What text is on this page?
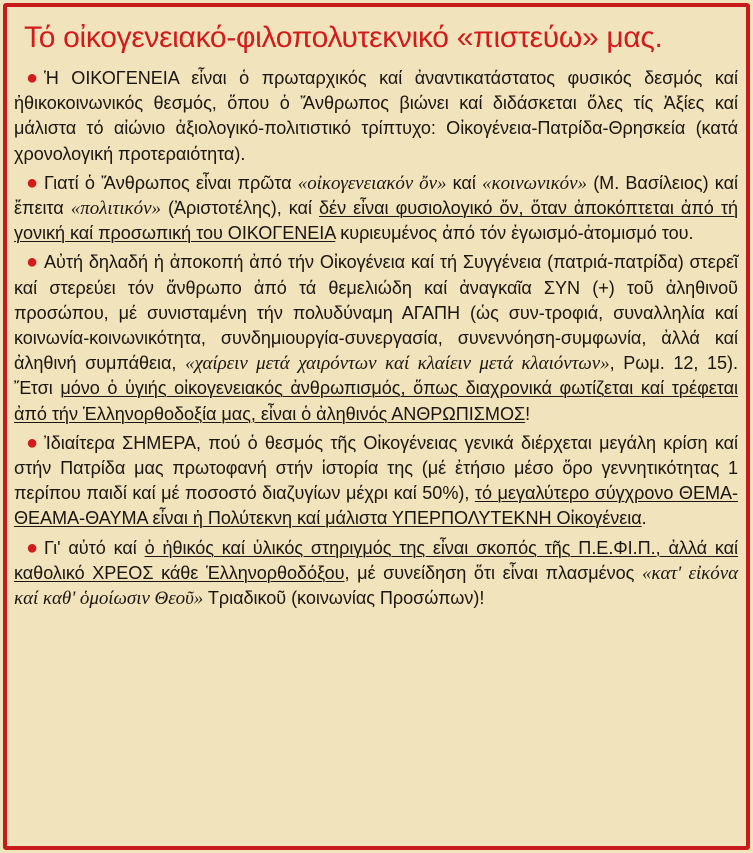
Τό οἰκογενειακό-φιλοπολυτεκνικό «πιστεύω» μας.
● Ἡ ΟΙΚΟΓΕΝΕΙΑ εἶναι ὁ πρωταρχικός καί ἀναντικατάστατος φυσικός δεσμός καί ἠθικοκοινωνικός θεσμός, ὅπου ὁ Ἄνθρωπος βιώνει καί διδάσκεται ὅλες τίς Ἀξίες καί μάλιστα τό αἰώνιο ἀξιολογικό-πολιτιστικό τρίπτυχο: Οἰκογένεια-Πατρίδα-Θρησκεία (κατά χρονολογική προτεραιότητα).
● Γιατί ὁ Ἄνθρωπος εἶναι πρῶτα «οἰκογενειακόν ὄν» καί «κοινωνικόν» (Μ. Βασίλειος) καί ἔπειτα «πολιτικόν» (Ἀριστοτέλης), καί δέν εἶναι φυσιολογικό ὄν, ὅταν ἀποκόπτεται ἀπό τή γονική καί προσωπική του ΟΙΚΟΓΕΝΕΙΑ κυριευμένος ἀπό τόν ἐγωισμό-ἀτομισμό του.
● Αὐτή δηλαδή ἡ ἀποκοπή ἀπό τήν Οἰκογένεια καί τή Συγγένεια (πατριά-πατρίδα) στερεῖ καί στερεύει τόν ἄνθρωπο ἀπό τά θεμελιώδη καί ἀναγκαῖα ΣΥΝ (+) τοῦ ἀληθινοῦ προσώπου, μέ συνισταμένη τήν πολυδύναμη ΑΓΑΠΗ (ὡς συν-τροφιά, συναλληλία καί κοινωνία-κοινωνικότητα, συνδημιουργία-συνεργασία, συνεννόηση-συμφωνία, ἀλλά καί ἀληθινή συμπάθεια, «χαίρειν μετά χαιρόντων καί κλαίειν μετά κλαιόντων», Ρωμ. 12, 15). Ἔτσι μόνο ὁ ὑγιής οἰκογενειακός ἀνθρωπισμός, ὅπως διαχρονικά φωτίζεται καί τρέφεται ἀπό τήν Ἑλληνορθοδοξία μας, εἶναι ὁ ἀληθινός ΑΝΘΡΩΠΙΣΜΟΣ!
● Ἰδιαίτερα ΣΗΜΕΡΑ, πού ὁ θεσμός τῆς Οἰκογένειας γενικά διέρχεται μεγάλη κρίση καί στήν Πατρίδα μας πρωτοφανή στήν ἱστορία της (μέ ἐτήσιο μέσο ὅρο γεννητικότητας 1 περίπου παιδί καί μέ ποσοστό διαζυγίων μέχρι καί 50%), τό μεγαλύτερο σύγχρονο ΘΕΜΑ-ΘΕΑΜΑ-ΘΑΥΜΑ εἶναι ἡ Πολύτεκνη καί μάλιστα ΥΠΕΡΠΟΛΥΤΕΚΝΗ Οἰκογένεια.
● Γι' αὐτό καί ὁ ἠθικός καί ὑλικός στηριγμός της εἶναι σκοπός τῆς Π.Ε.ΦΙ.Π., ἀλλά καί καθολικό ΧΡΕΟΣ κάθε Ἑλληνορθοδόξου, μέ συνείδηση ὅτι εἶναι πλασμένος «κατ' εἰκόνα καί καθ' ὁμοίωσιν Θεοῦ» Τριαδικοῦ (κοινωνίας Προσώπων)!
